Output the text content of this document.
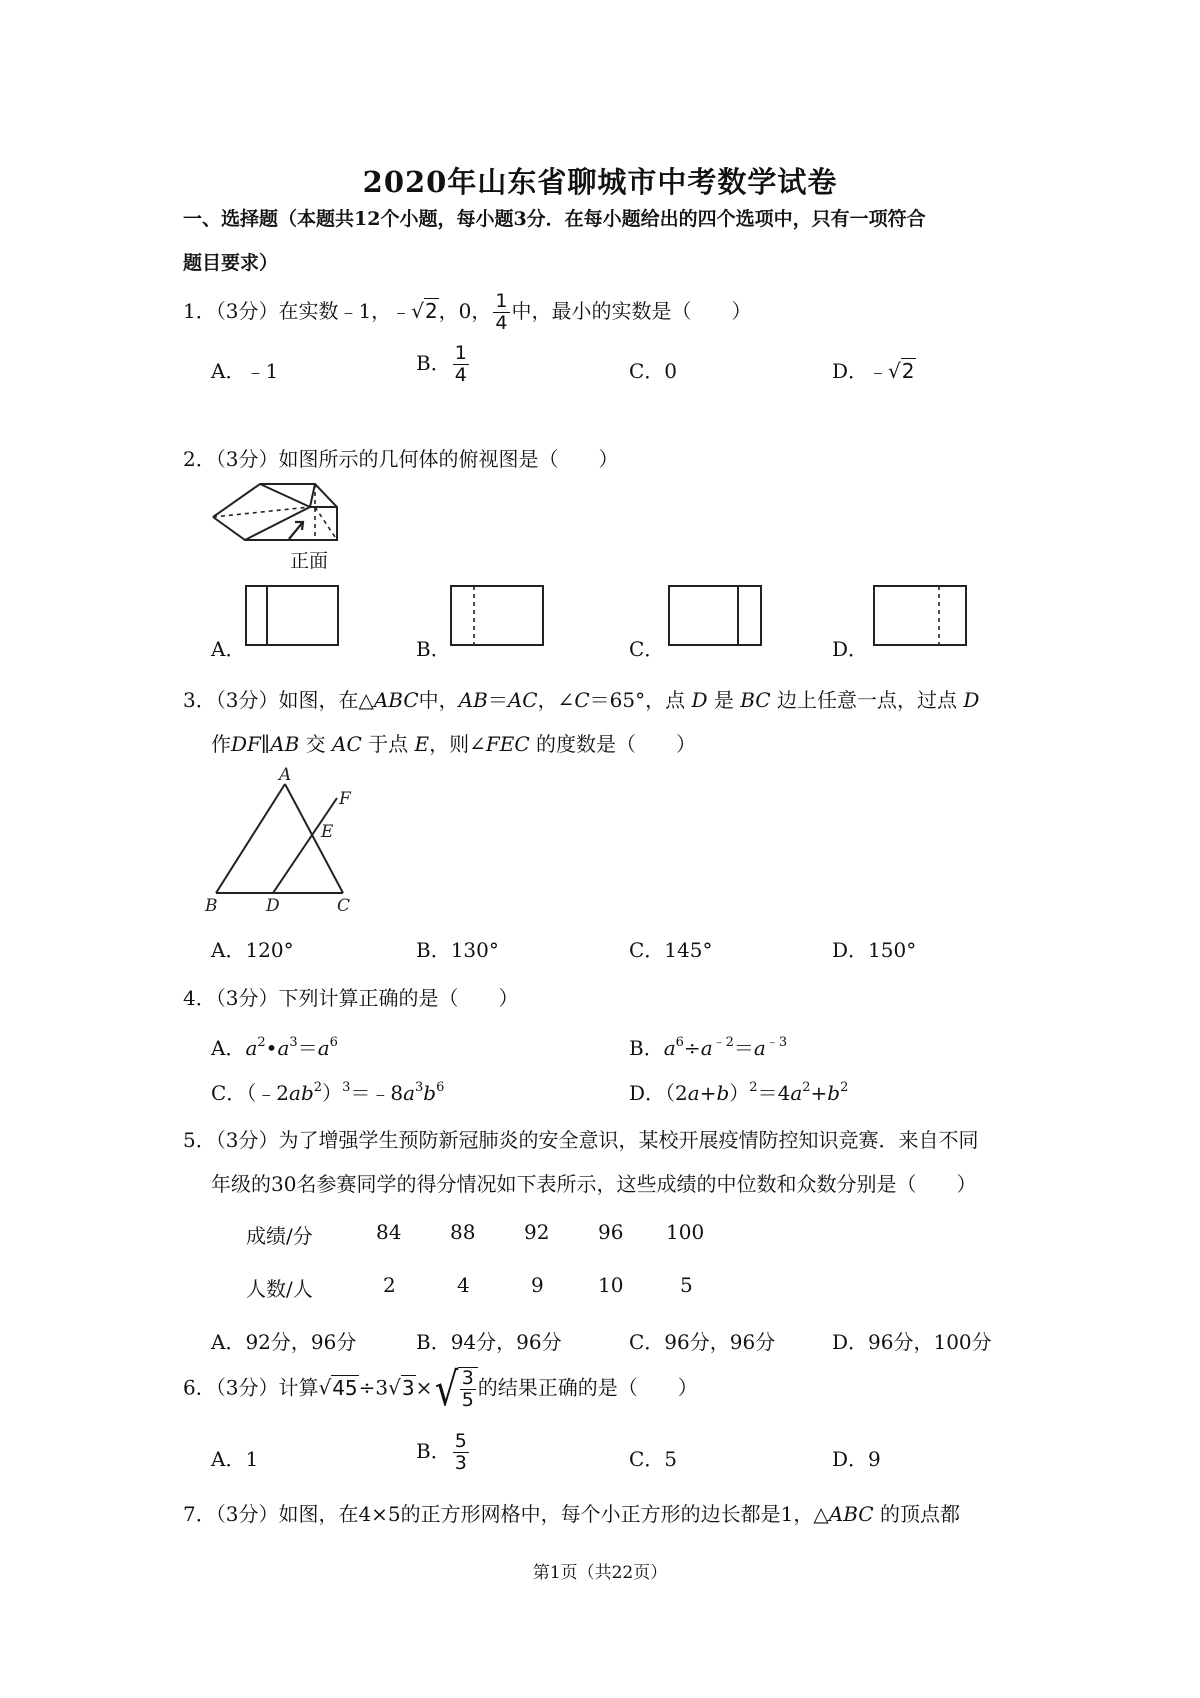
2020年山东省聊城市中考数学试卷
一、选择题（本题共12个小题，每小题3分．在每小题给出的四个选项中，只有一项符合
题目要求）
1．（3分）在实数﹣1，﹣√2，0， $\frac{1}{4}$ 中，最小的实数是（　　）
A．﹣1	B． $\frac{1}{4}$	C．0	D．﹣√2
2．（3分）如图所示的几何体的俯视图是（　　）
正面
A．	B．	C．	D．
3．（3分）如图，在△ABC中，AB＝AC，∠C＝65°，点 D 是 BC 边上任意一点，过点 D
作DF∥AB 交 AC 于点 E，则∠FEC 的度数是（　　）
A
B	C
D
E
F
A．120°	B．130°	C．145°	D．150°
4．（3分）下列计算正确的是（　　）
A．$a^2•a^3=a^6$	B．$a^6\div a^{﹣2}=a^{﹣3}$
C．$(﹣2ab^2)^3=﹣8a^3b^6$	D．$(2a+b)^2=4a^2+b^2$
5．（3分）为了增强学生预防新冠肺炎的安全意识，某校开展疫情防控知识竞赛．来自不同
年级的30名参赛同学的得分情况如下表所示，这些成绩的中位数和众数分别是（　　）
成绩/分	84 88 92 96 100
人数/人	2	4	9	10	5
A．92分，96分	B．94分，96分	C．96分，96分	D．96分，100分
6．（3分）计算$√45\div 3√3\times√ \frac{3}{5}$ 的结果正确的是（　　）
A．1	B． $\frac{5}{3}$	C．5	D．9
7．（3分）如图，在4×5的正方形网格中，每个小正方形的边长都是1，△ABC 的顶点都
第1页（共22页）
